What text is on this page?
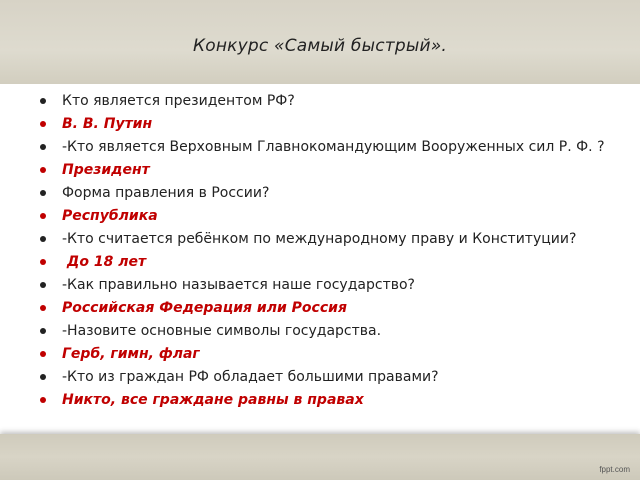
Конкурс «Самый быстрый».
Кто является президентом РФ?
В. В. Путин
-Кто является Верховным Главнокомандующим Вооруженных сил Р. Ф. ?
Президент
Форма правления в России?
Республика
-Кто считается ребёнком по международному праву и Конституции?
До 18 лет
-Как правильно называется наше государство?
Российская Федерация или Россия
-Назовите основные символы государства.
Герб, гимн, флаг
-Кто из граждан РФ обладает большими правами?
Никто, все граждане равны в правах
fppt.com
